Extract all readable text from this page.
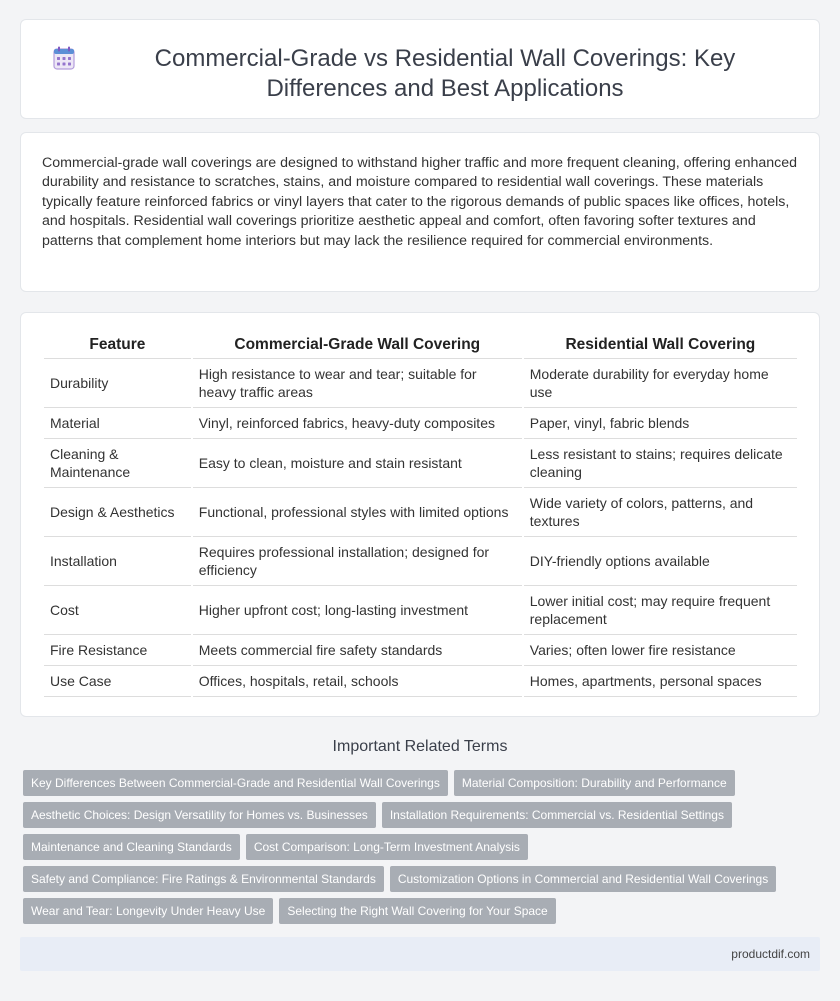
Commercial-Grade vs Residential Wall Coverings: Key Differences and Best Applications

Commercial-grade wall coverings are designed to withstand higher traffic and more frequent cleaning, offering enhanced durability and resistance to scratches, stains, and moisture compared to residential wall coverings. These materials typically feature reinforced fabrics or vinyl layers that cater to the rigorous demands of public spaces like offices, hotels, and hospitals. Residential wall coverings prioritize aesthetic appeal and comfort, often favoring softer textures and patterns that complement home interiors but may lack the resilience required for commercial environments.

Feature	Commercial-Grade Wall Covering	Residential Wall Covering
Durability	High resistance to wear and tear; suitable for heavy traffic areas	Moderate durability for everyday home use
Material	Vinyl, reinforced fabrics, heavy-duty composites	Paper, vinyl, fabric blends
Cleaning & Maintenance	Easy to clean, moisture and stain resistant	Less resistant to stains; requires delicate cleaning
Design & Aesthetics	Functional, professional styles with limited options	Wide variety of colors, patterns, and textures
Installation	Requires professional installation; designed for efficiency	DIY-friendly options available
Cost	Higher upfront cost; long-lasting investment	Lower initial cost; may require frequent replacement
Fire Resistance	Meets commercial fire safety standards	Varies; often lower fire resistance
Use Case	Offices, hospitals, retail, schools	Homes, apartments, personal spaces
Important Related Terms
Key Differences Between Commercial-Grade and Residential Wall Coverings	Material Composition: Durability and Performance
Aesthetic Choices: Design Versatility for Homes vs. Businesses	Installation Requirements: Commercial vs. Residential Settings
Maintenance and Cleaning Standards	Cost Comparison: Long-Term Investment Analysis
Safety and Compliance: Fire Ratings & Environmental Standards	Customization Options in Commercial and Residential Wall Coverings
Wear and Tear: Longevity Under Heavy Use	Selecting the Right Wall Covering for Your Space
productdif.com
